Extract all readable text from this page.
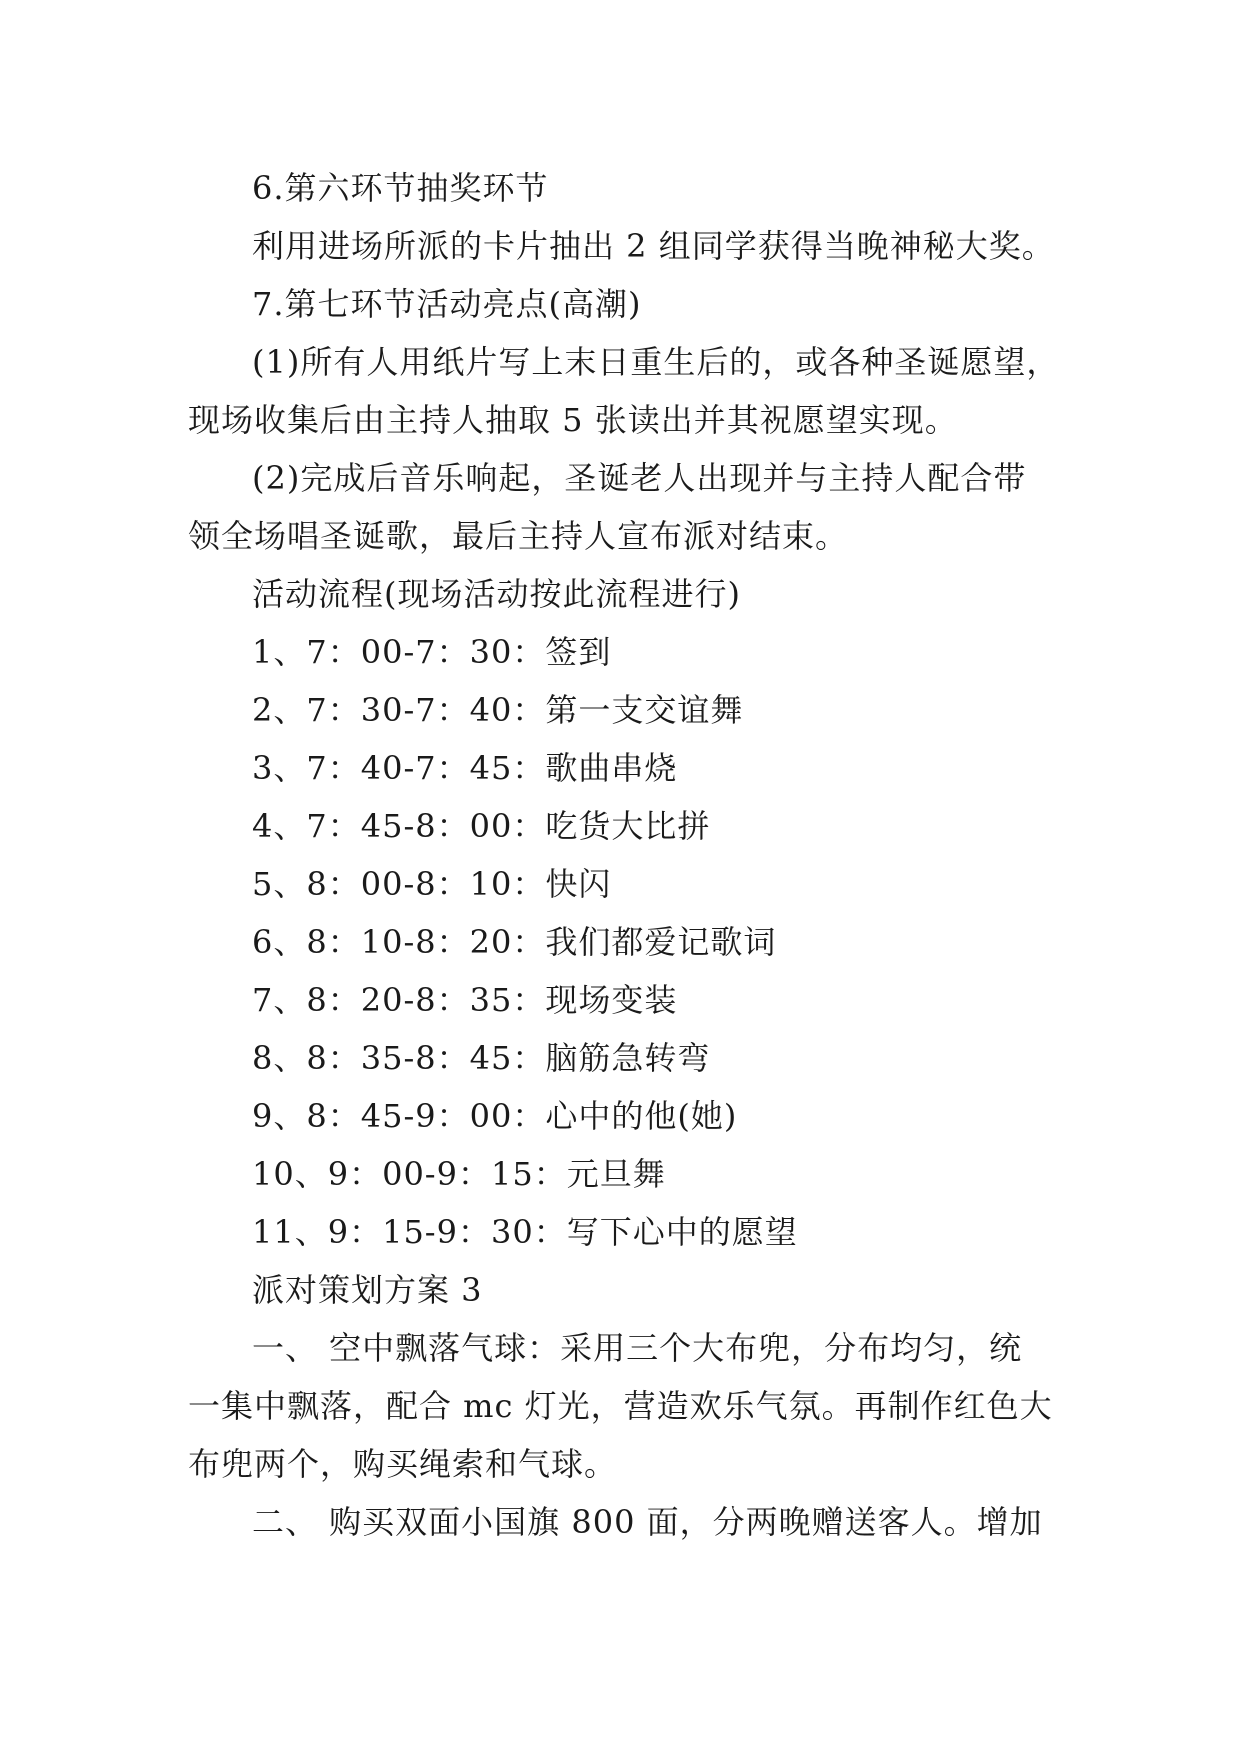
6.第六环节抽奖环节
利用进场所派的卡片抽出 2 组同学获得当晚神秘大奖。
7.第七环节活动亮点(高潮)
(1)所有人用纸片写上末日重生后的，或各种圣诞愿望，
现场收集后由主持人抽取 5 张读出并其祝愿望实现。
(2)完成后音乐响起，圣诞老人出现并与主持人配合带
领全场唱圣诞歌，最后主持人宣布派对结束。
活动流程(现场活动按此流程进行)
1、7：00-7：30：签到
2、7：30-7：40：第一支交谊舞
3、7：40-7：45：歌曲串烧
4、7：45-8：00：吃货大比拼
5、8：00-8：10：快闪
6、8：10-8：20：我们都爱记歌词
7、8：20-8：35：现场变装
8、8：35-8：45：脑筋急转弯
9、8：45-9：00：心中的他(她)
10、9：00-9：15：元旦舞
11、9：15-9：30：写下心中的愿望
派对策划方案 3
一、 空中飘落气球：采用三个大布兜，分布均匀，统
一集中飘落，配合 mc 灯光，营造欢乐气氛。再制作红色大
布兜两个，购买绳索和气球。
二、 购买双面小国旗 800 面，分两晚赠送客人。增加
